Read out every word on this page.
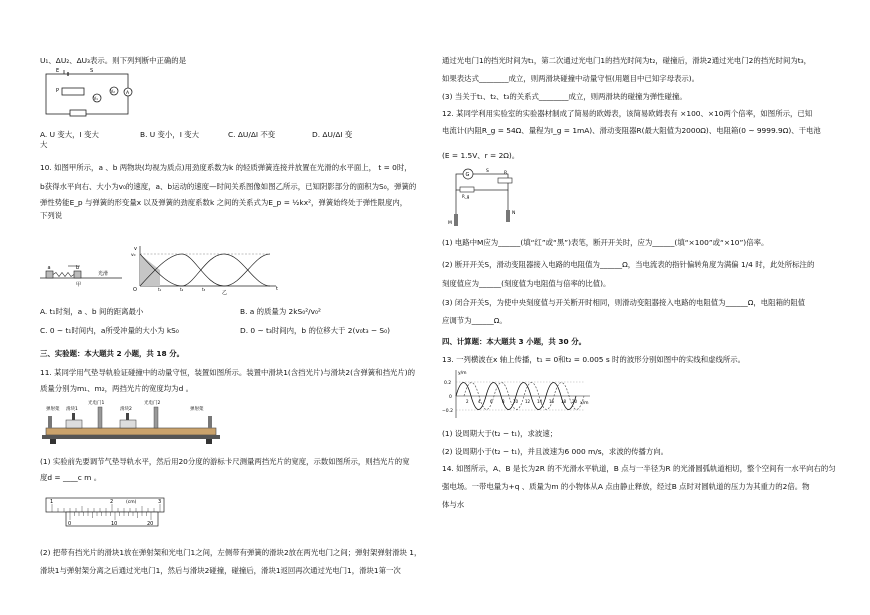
U₁、ΔU₂、ΔU₃表示。则下列判断中正确的是
E	S
P
V₁
V₂ A
A. U 变大，I 变大	B. U 变小，I 变大	C. ΔU/ΔI 不变	D. ΔU/ΔI 变
大
10. 如图甲所示，a 、b 两物块(均视为质点)用劲度系数为k 的轻质弹簧连接并放置在光滑的水平面上， t = 0时，
b获得水平向右、大小为v₀的速度，a、b运动的速度—时间关系图像如图乙所示，已知阴影部分的面积为S₀，弹簧的
弹性势能E_p 与弹簧的形变量x 以及弹簧的劲度系数k 之间的关系式为E_p = ½kx²，弹簧始终处于弹性限度内，
下列说
a	b
光滑
甲
v
t
O
v₀
t₁	t₂	t₃
乙
A. t₁时刻，a 、b 间的距离最小	B. a 的质量为 2kS₀²/v₀²
C. 0 ~ t₁时间内，a所受冲量的大小为 kS₀	D. 0 ~ t₃时间内，b 的位移大于 2(v₀t₃ − S₀)
三、实验题：本大题共 2 小题，共 18 分。
11. 某同学用气垫导轨验证碰撞中的动量守恒，装置如图所示。装置中滑块1(含挡光片)与滑块2(含弹簧和挡光片)的
质量分别为m₁、m₂，两挡光片的宽度均为d 。
弹射架 滑块1
光电门1
滑块2
光电门2
弹射架
(1) 实验前先要调节气垫导轨水平，然后用20分度的游标卡尺测量两挡光片的宽度，示数如图所示，则挡光片的宽
度d = ____c m 。
1	2	3
(cm)
0	10	20
(2) 把带有挡光片的滑块1放在弹射架和光电门1之间，左侧带有弹簧的滑块2放在两光电门之间；弹射架弹射滑块 1，
滑块1与弹射架分离之后通过光电门1，然后与滑块2碰撞，碰撞后，滑块1返回再次通过光电门1，滑块1第一次
通过光电门1的挡光时间为t₁，第二次通过光电门1的挡光时间为t₂，碰撞后，滑块2通过光电门2的挡光时间为t₃，
如果表达式________成立，则两滑块碰撞中动量守恒(用题目中已知字母表示)。
(3) 当关于t₁、t₂、t₃的关系式________成立，则两滑块的碰撞为弹性碰撞。
12. 某同学利用实验室的实验器材制成了简易的欧姆表，该简易欧姆表有 ×100、×10两个倍率，如图所示，已知
电流计(内阻R_g = 54Ω、量程为I_g = 1mA)、滑动变阻器R(最大阻值为2000Ω)、电阻箱(0 ~ 9999.9Ω)、干电池
(E = 1.5V、r = 2Ω)。
G
R_g
S	R
M
N
(1) 电路中M应为______(填“红”或“黑”)表笔，断开开关时，应为______(填“×100”或“×10”)倍率。
(2) 断开开关S，滑动变阻器接入电路的电阻值为______Ω，当电流表的指针偏转角度为满偏 1/4 时，此处所标注的
刻度值应为______(刻度值为电阻值与倍率的比值)。
(3) 闭合开关S，为使中央刻度值与开关断开时相同，则滑动变阻器接入电路的电阻值为______Ω，电阻箱的阻值
应调节为______Ω。
四、计算题：本大题共 3 小题，共 30 分。
13. 一列横波在x 轴上传播，t₁ = 0和t₂ = 0.005 s 时的波形分别如图中的实线和虚线所示。
y/m
x/m
0.2
0
−0.2
2 4 6 8 10 12 14 16 18 20
(1) 设周期大于(t₂ − t₁)，求波速；
(2) 设周期小于(t₂ − t₁)，并且波速为6 000 m/s，求波的传播方向。
14. 如图所示，A、B 是长为2R 的不光滑水平轨道，B 点与一半径为R 的光滑圆弧轨道相切，整个空间有一水平向右的匀
强电场。一带电量为+q 、质量为m 的小物体从A 点由静止释放，经过B 点时对圆轨道的压力为其重力的2倍。物
体与水
